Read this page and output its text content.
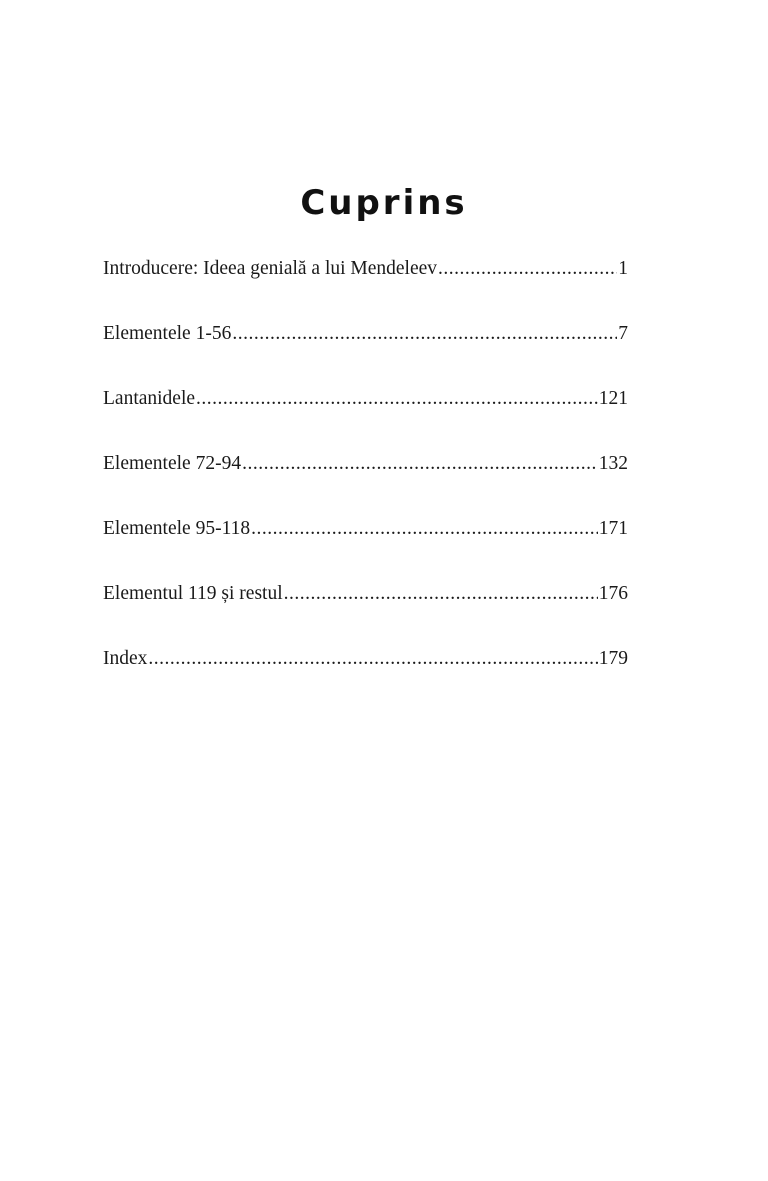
Cuprins
Introducere: Ideea genială a lui Mendeleev .....	1
Elementele 1-56 .....	7
Lantanidele .....	121
Elementele 72-94 .....	132
Elementele 95-118 .....	171
Elementul 119 și restul .....	176
Index .....	179
